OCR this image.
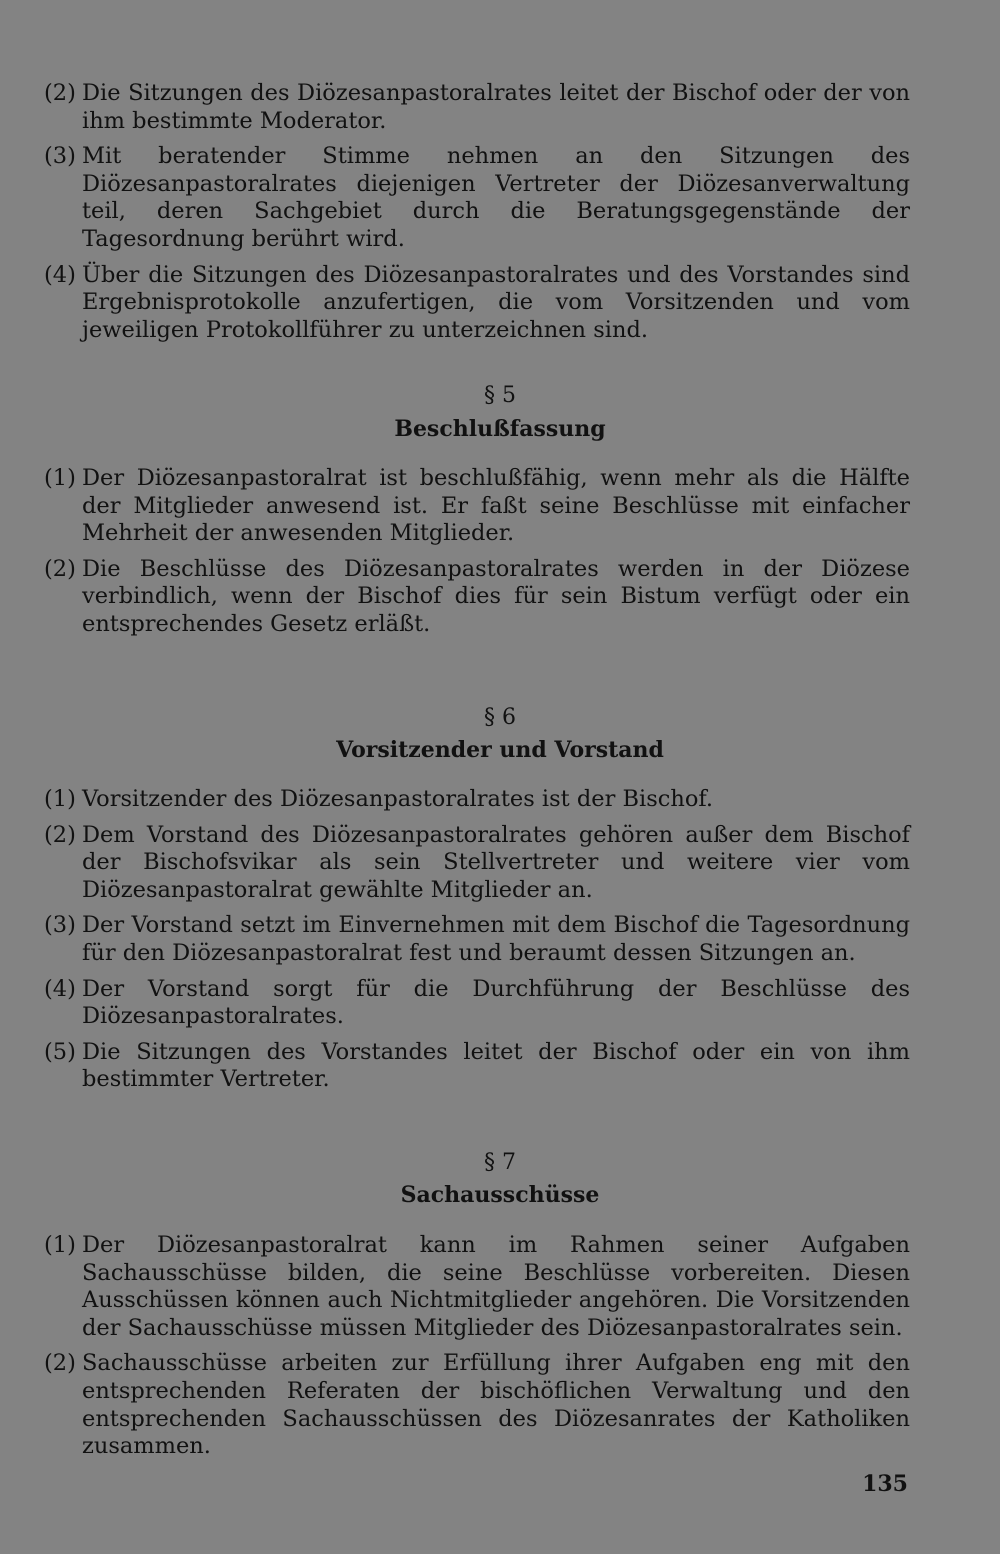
(2) Die Sitzungen des Diözesanpastoralrates leitet der Bischof oder der von ihm bestimmte Moderator.
(3) Mit beratender Stimme nehmen an den Sitzungen des Diözesanpastoralrates diejenigen Vertreter der Diözesanverwaltung teil, deren Sachgebiet durch die Beratungsgegenstände der Tagesordnung berührt wird.
(4) Über die Sitzungen des Diözesanpastoralrates und des Vorstandes sind Ergebnisprotokolle anzufertigen, die vom Vorsitzenden und vom jeweiligen Protokollführer zu unterzeichnen sind.
§ 5
Beschlußfassung
(1) Der Diözesanpastoralrat ist beschlußfähig, wenn mehr als die Hälfte der Mitglieder anwesend ist. Er faßt seine Beschlüsse mit einfacher Mehrheit der anwesenden Mitglieder.
(2) Die Beschlüsse des Diözesanpastoralrates werden in der Diözese verbindlich, wenn der Bischof dies für sein Bistum verfügt oder ein entsprechendes Gesetz erläßt.
§ 6
Vorsitzender und Vorstand
(1) Vorsitzender des Diözesanpastoralrates ist der Bischof.
(2) Dem Vorstand des Diözesanpastoralrates gehören außer dem Bischof der Bischofsvikar als sein Stellvertreter und weitere vier vom Diözesanpastoralrat gewählte Mitglieder an.
(3) Der Vorstand setzt im Einvernehmen mit dem Bischof die Tagesordnung für den Diözesanpastoralrat fest und beraumt dessen Sitzungen an.
(4) Der Vorstand sorgt für die Durchführung der Beschlüsse des Diözesanpastoralrates.
(5) Die Sitzungen des Vorstandes leitet der Bischof oder ein von ihm bestimmter Vertreter.
§ 7
Sachausschüsse
(1) Der Diözesanpastoralrat kann im Rahmen seiner Aufgaben Sachausschüsse bilden, die seine Beschlüsse vorbereiten. Diesen Ausschüssen können auch Nichtmitglieder angehören. Die Vorsitzenden der Sachausschüsse müssen Mitglieder des Diözesanpastoralrates sein.
(2) Sachausschüsse arbeiten zur Erfüllung ihrer Aufgaben eng mit den entsprechenden Referaten der bischöflichen Verwaltung und den entsprechenden Sachausschüssen des Diözesanrates der Katholiken zusammen.
135
